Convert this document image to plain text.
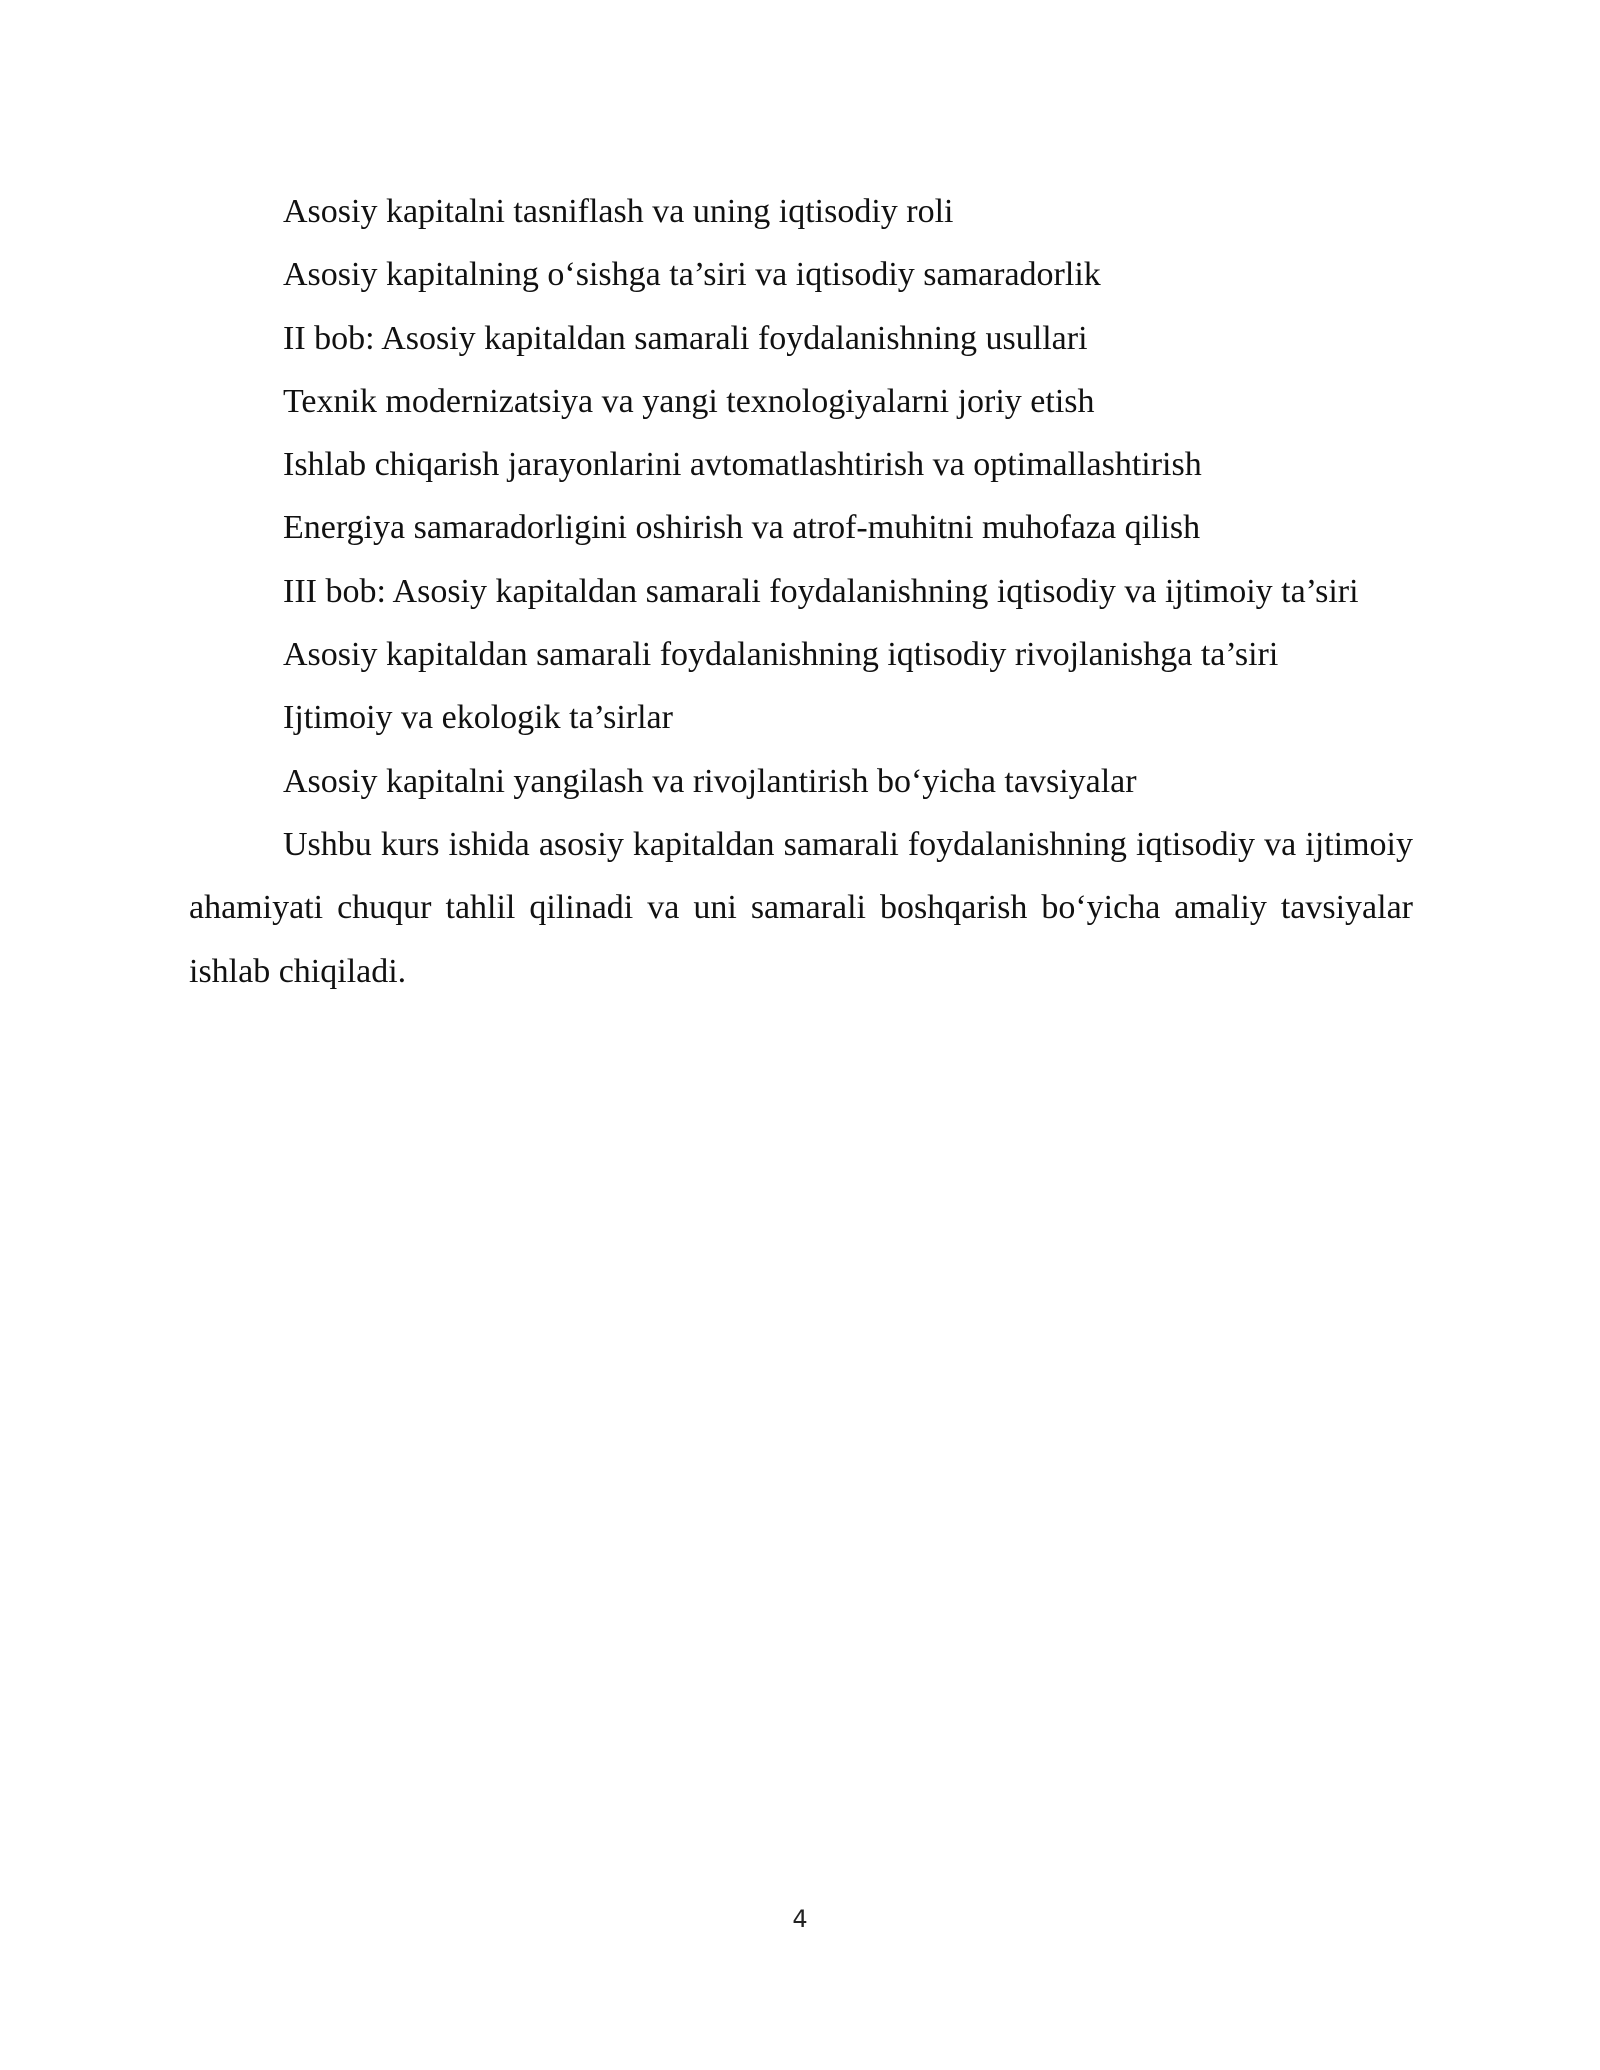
Asosiy kapitalni tasniflash va uning iqtisodiy roli

Asosiy kapitalning o‘sishga ta’siri va iqtisodiy samaradorlik

II bob: Asosiy kapitaldan samarali foydalanishning usullari

Texnik modernizatsiya va yangi texnologiyalarni joriy etish

Ishlab chiqarish jarayonlarini avtomatlashtirish va optimallashtirish

Energiya samaradorligini oshirish va atrof-muhitni muhofaza qilish

III bob: Asosiy kapitaldan samarali foydalanishning iqtisodiy va ijtimoiy ta’siri

Asosiy kapitaldan samarali foydalanishning iqtisodiy rivojlanishga ta’siri

Ijtimoiy va ekologik ta’sirlar

Asosiy kapitalni yangilash va rivojlantirish bo‘yicha tavsiyalar

Ushbu kurs ishida asosiy kapitaldan samarali foydalanishning iqtisodiy va ijtimoiy ahamiyati chuqur tahlil qilinadi va uni samarali boshqarish bo‘yicha amaliy tavsiyalar ishlab chiqiladi.

4
